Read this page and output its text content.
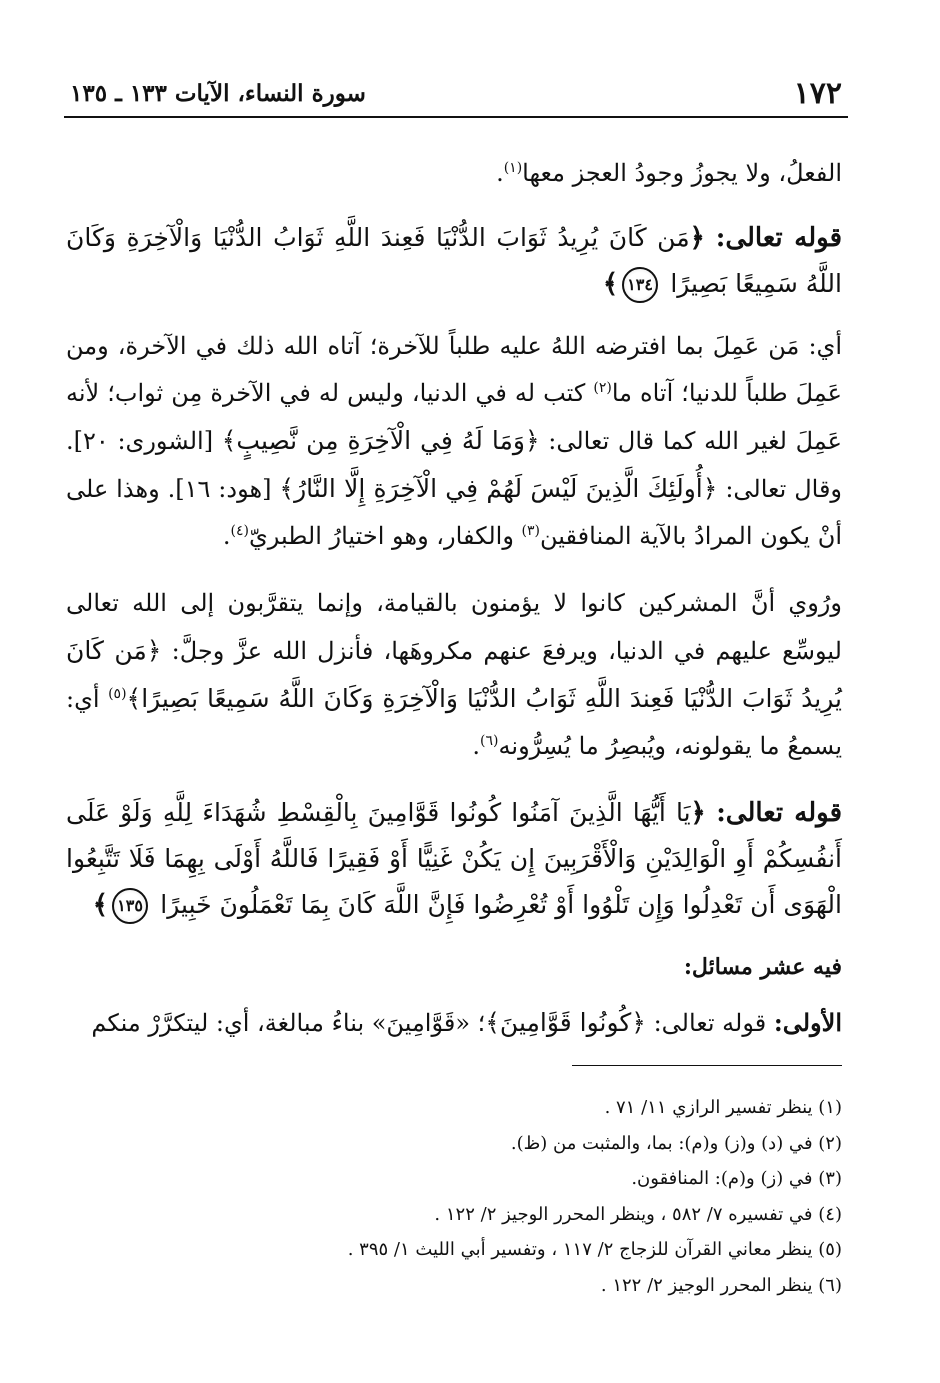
١٧٢
سورة النساء، الآيات ١٣٣ ـ ١٣٥

الفعلُ، ولا يجوزُ وجودُ العجز معها$^{(١)}$.

قوله تعالى: ﴿مَن كَانَ يُرِيدُ ثَوَابَ الدُّنْيَا فَعِندَ اللَّهِ ثَوَابُ الدُّنْيَا وَالْآخِرَةِ وَكَانَ اللَّهُ سَمِيعًا بَصِيرًا ١٣٤﴾

أي: مَن عَمِلَ بما افترضه اللهُ عليه طلباً للآخرة؛ آتاه الله ذلك في الآخرة، ومن عَمِلَ طلباً للدنيا؛ آتاه ما$^{(٢)}$ كتب له في الدنيا، وليس له في الآخرة مِن ثواب؛ لأنه عَمِلَ لغير الله كما قال تعالى: ﴿وَمَا لَهُ فِي الْآخِرَةِ مِن نَّصِيبٍ﴾ [الشورى: ٢٠]. وقال تعالى: ﴿أُولَئِكَ الَّذِينَ لَيْسَ لَهُمْ فِي الْآخِرَةِ إِلَّا النَّارُ﴾ [هود: ١٦]. وهذا على أنْ يكون المرادُ بالآية المنافقين$^{(٣)}$ والكفار، وهو اختيارُ الطبريّ$^{(٤)}$.

ورُوي أنَّ المشركين كانوا لا يؤمنون بالقيامة، وإنما يتقرَّبون إلى الله تعالى ليوسِّع عليهم في الدنيا، ويرفعَ عنهم مكروهَها، فأنزل الله عزَّ وجلَّ: ﴿مَن كَانَ يُرِيدُ ثَوَابَ الدُّنْيَا فَعِندَ اللَّهِ ثَوَابُ الدُّنْيَا وَالْآخِرَةِ وَكَانَ اللَّهُ سَمِيعًا بَصِيرًا﴾$^{(٥)}$ أي: يسمعُ ما يقولونه، ويُبصِرُ ما يُسِرُّونه$^{(٦)}$.

قوله تعالى: ﴿يَا أَيُّهَا الَّذِينَ آمَنُوا كُونُوا قَوَّامِينَ بِالْقِسْطِ شُهَدَاءَ لِلَّهِ وَلَوْ عَلَى أَنفُسِكُمْ أَوِ الْوَالِدَيْنِ وَالْأَقْرَبِينَ إِن يَكُنْ غَنِيًّا أَوْ فَقِيرًا فَاللَّهُ أَوْلَى بِهِمَا فَلَا تَتَّبِعُوا الْهَوَى أَن تَعْدِلُوا وَإِن تَلْوُوا أَوْ تُعْرِضُوا فَإِنَّ اللَّهَ كَانَ بِمَا تَعْمَلُونَ خَبِيرًا ١٣٥﴾

فيه عشر مسائل:

الأولى: قوله تعالى: ﴿كُونُوا قَوَّامِينَ﴾؛ «قَوَّامِينَ» بناءُ مبالغة، أي: ليتكرَّرْ منكم

(١) ينظر تفسير الرازي ١١/ ٧١ .

(٢) في (د) و(ز) و(م): بما، والمثبت من (ظ).

(٣) في (ز) و(م): المنافقون.

(٤) في تفسيره ٧/ ٥٨٢ ، وينظر المحرر الوجيز ٢/ ١٢٢ .

(٥) ينظر معاني القرآن للزجاج ٢/ ١١٧ ، وتفسير أبي الليث ١/ ٣٩٥ .

(٦) ينظر المحرر الوجيز ٢/ ١٢٢ .
